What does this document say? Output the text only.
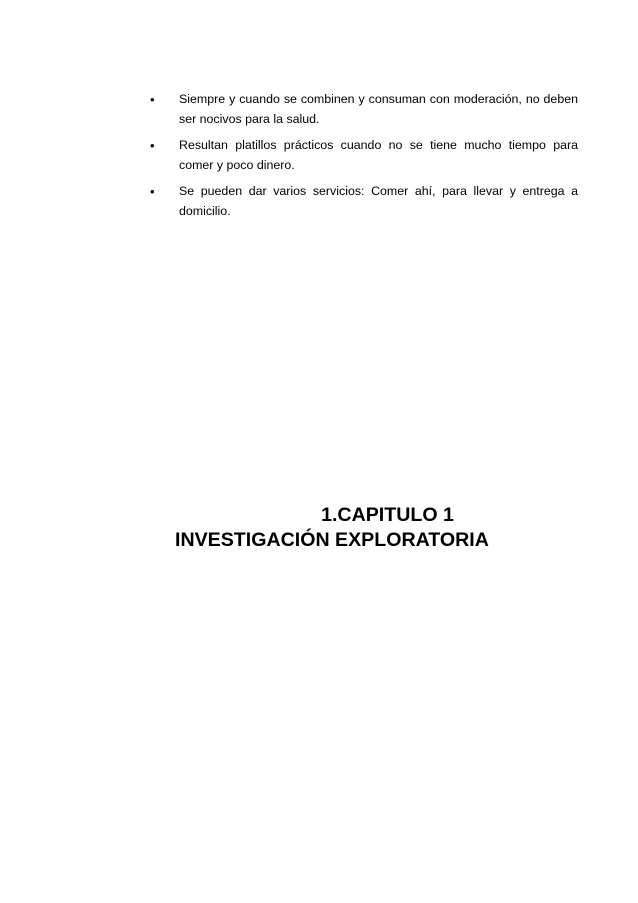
• Siempre y cuando se combinen y consuman con moderación, no deben ser nocivos para la salud.
• Resultan platillos prácticos cuando no se tiene mucho tiempo para comer y poco dinero.
• Se pueden dar varios servicios: Comer ahí, para llevar y entrega a domicilio.
1.CAPITULO 1
INVESTIGACIÓN EXPLORATORIA
